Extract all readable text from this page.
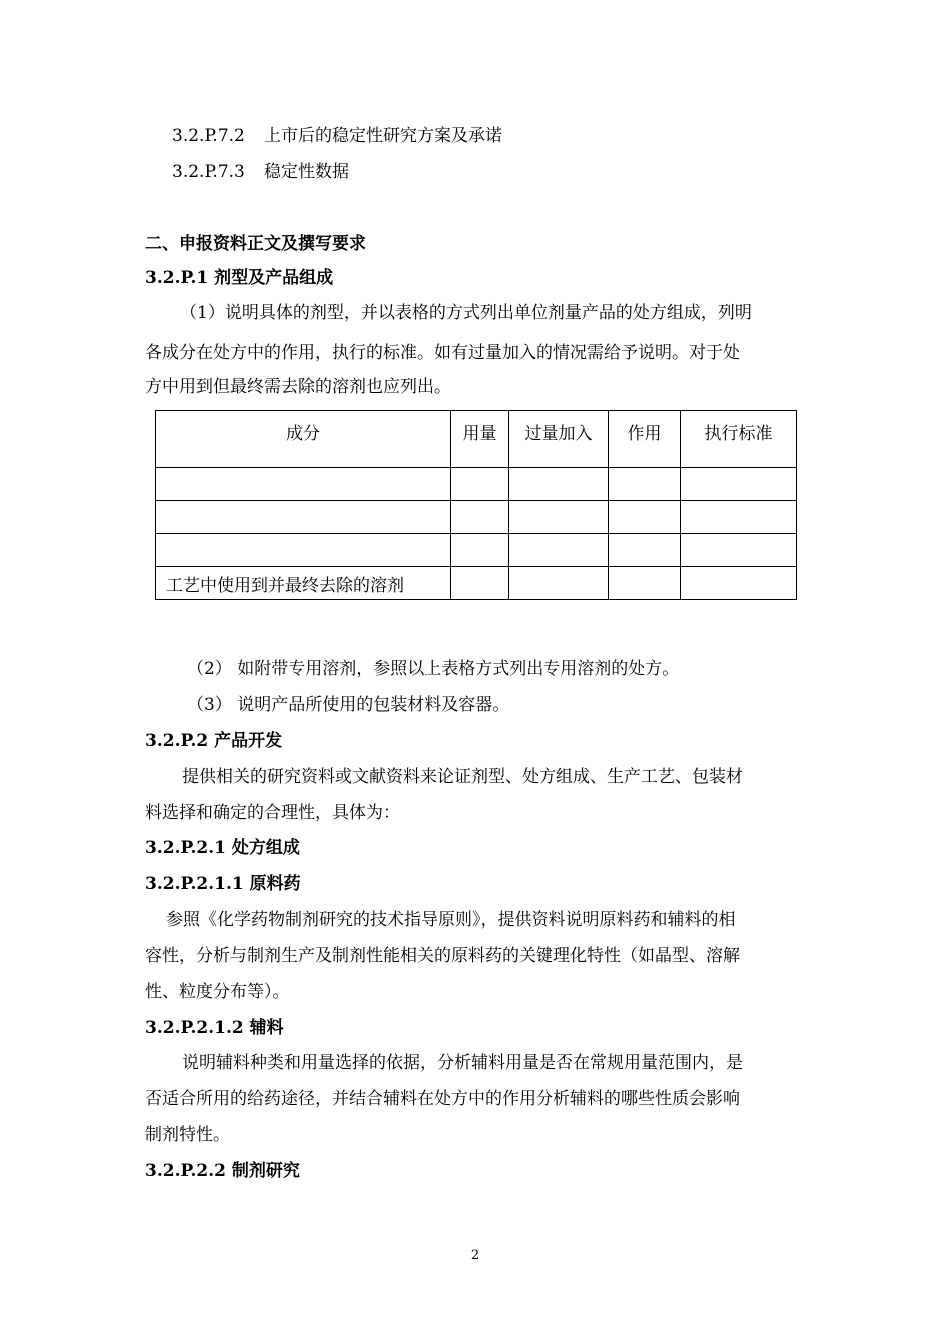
3.2.P.7.2 上市后的稳定性研究方案及承诺
3.2.P.7.3 稳定性数据
二、申报资料正文及撰写要求
3.2.P.1 剂型及产品组成
（1）说明具体的剂型，并以表格的方式列出单位剂量产品的处方组成，列明
各成分在处方中的作用，执行的标准。如有过量加入的情况需给予说明。对于处
方中用到但最终需去除的溶剂也应列出。
成分	用量	过量加入	作用	执行标准

工艺中使用到并最终去除的溶剂				
（2） 如附带专用溶剂，参照以上表格方式列出专用溶剂的处方。
（3） 说明产品所使用的包装材料及容器。
3.2.P.2 产品开发
提供相关的研究资料或文献资料来论证剂型、处方组成、生产工艺、包装材
料选择和确定的合理性，具体为：
3.2.P.2.1 处方组成
3.2.P.2.1.1 原料药
参照《化学药物制剂研究的技术指导原则》，提供资料说明原料药和辅料的相
容性，分析与制剂生产及制剂性能相关的原料药的关键理化特性（如晶型、溶解
性、粒度分布等）。
3.2.P.2.1.2 辅料
说明辅料种类和用量选择的依据，分析辅料用量是否在常规用量范围内，是
否适合所用的给药途径，并结合辅料在处方中的作用分析辅料的哪些性质会影响
制剂特性。
3.2.P.2.2 制剂研究
2
